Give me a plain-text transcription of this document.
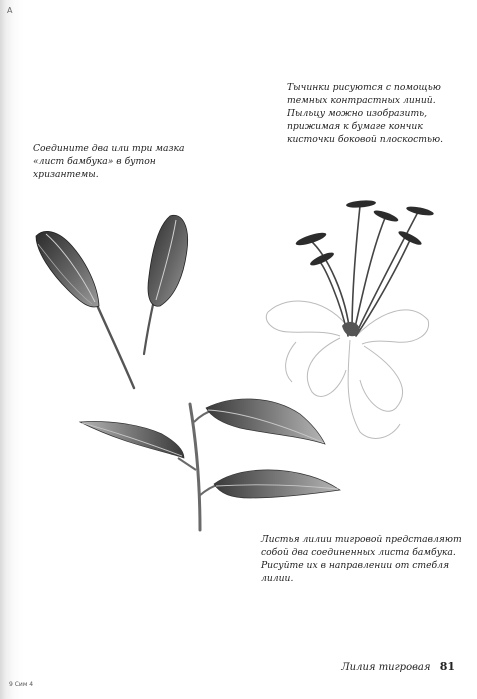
A
Соедините два или три мазка
«лист бамбука» в бутон
хризантемы.
Тычинки рисуются с помощью
темных контрастных линий.
Пыльцу можно изобразить,
прижимая к бумаге кончик
кисточки боковой плоскостью.
Листья лилии тигровой представляют
собой два соединенных листа бамбука.
Рисуйте их в направлении от стебля
лилии.
9 Сим 4
Лилия тигровая 81
